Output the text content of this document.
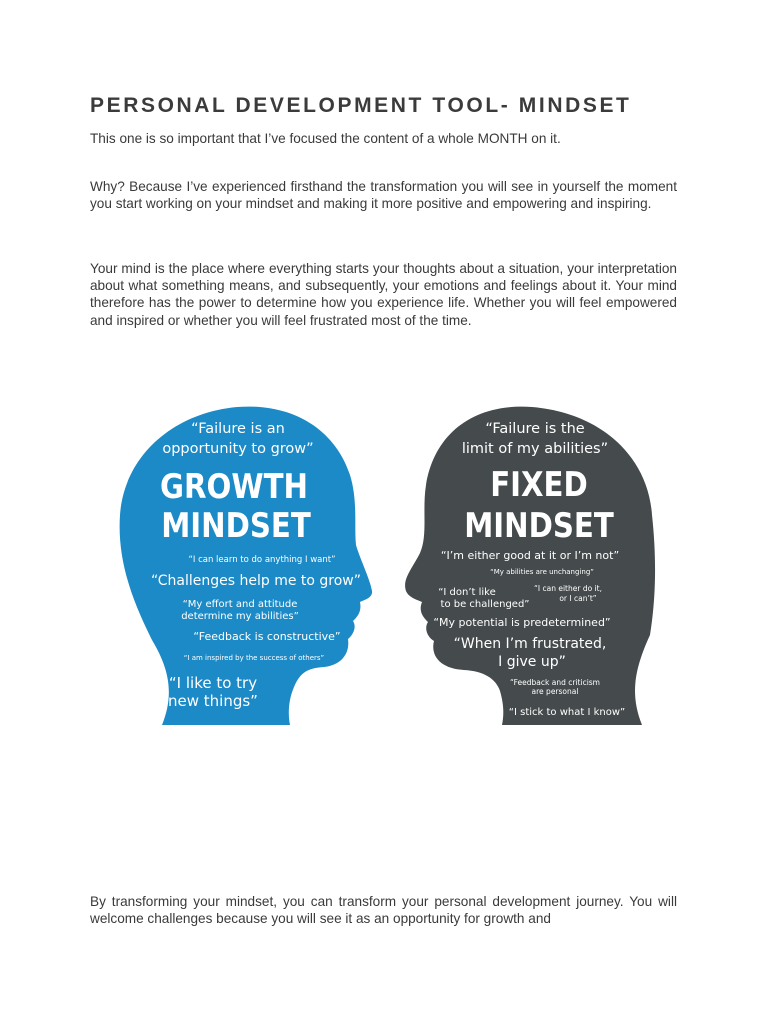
PERSONAL DEVELOPMENT TOOL- MINDSET

This one is so important that I’ve focused the content of a whole MONTH on it.

Why? Because I’ve experienced firsthand the transformation you will see in yourself the moment you start working on your mindset and making it more positive and empowering and inspiring.

Your mind is the place where everything starts your thoughts about a situation, your interpretation about what something means, and subsequently, your emotions and feelings about it. Your mind therefore has the power to determine how you experience life. Whether you will feel empowered and inspired or whether you will feel frustrated most of the time.

“Failure is an
opportunity to grow”
GROWTH
MINDSET
“I can learn to do anything I want”
“Challenges help me to grow”
“My effort and attitude
determine my abilities”
“Feedback is constructive”
“I am inspired by the success of others”
“I like to try
new things”
“Failure is the
limit of my abilities”
FIXED
MINDSET
“I’m either good at it or I’m not”
“My abilities are unchanging”
“I don’t like
to be challenged”
“I can either do it,
or I can’t”
“My potential is predetermined”
“When I’m frustrated,
I give up”
“Feedback and criticism
are personal
“I stick to what I know”

By transforming your mindset, you can transform your personal development journey. You will welcome challenges because you will see it as an opportunity for growth and
